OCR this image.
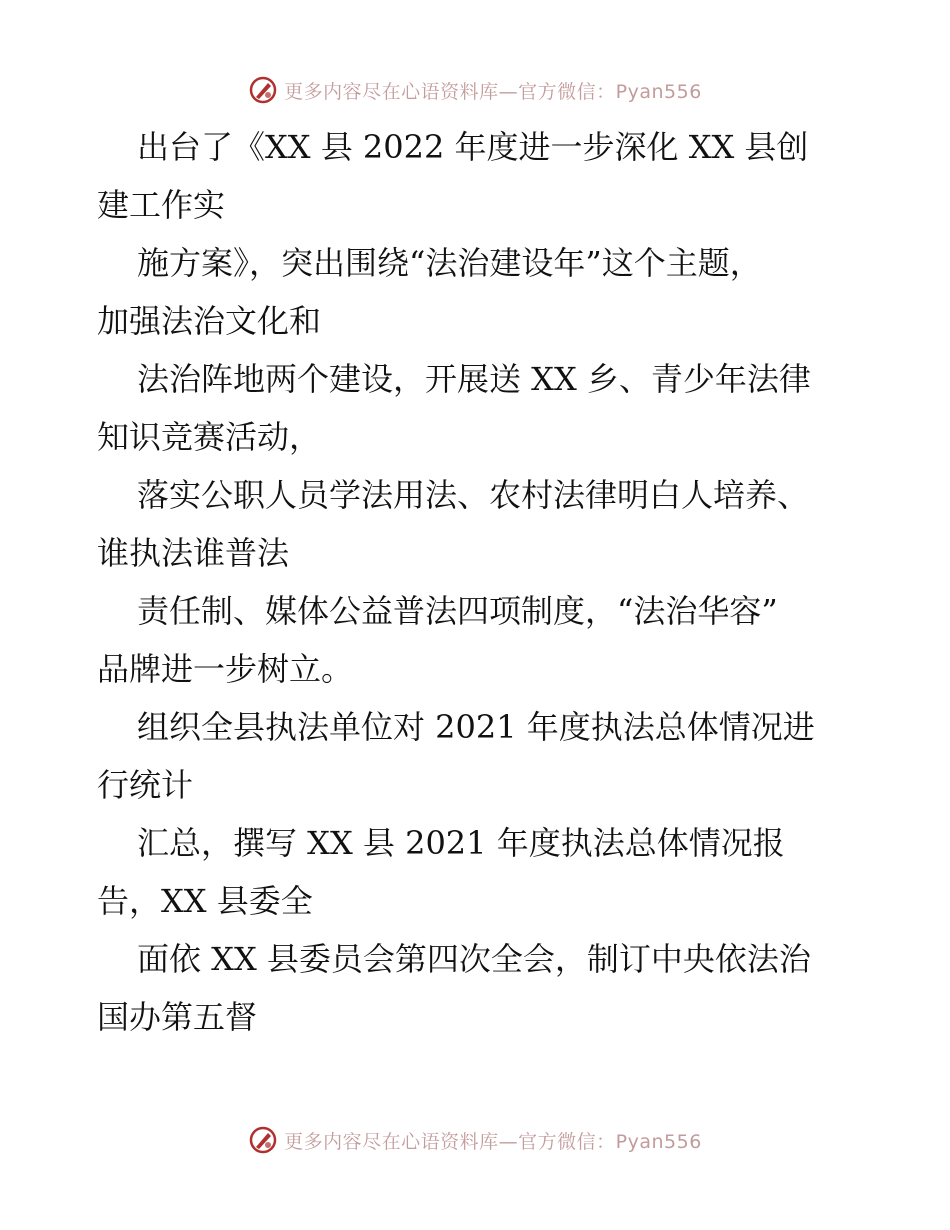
更多内容尽在心语资料库— 官方微信：Pyan556

出台了《XX 县 2022 年度进一步深化 XX 县创
建工作实

施方案》，突出围绕“法治建设年”这个主题，
加强法治文化和

法治阵地两个建设，开展送 XX 乡、青少年法律
知识竞赛活动，

落实公职人员学法用法、农村法律明白人培养、
谁执法谁普法

责任制、媒体公益普法四项制度，“法治华容”
品牌进一步树立。

组织全县执法单位对 2021 年度执法总体情况进
行统计

汇总，撰写 XX 县 2021 年度执法总体情况报
告，XX 县委全

面依 XX 县委员会第四次全会，制订中央依法治
国办第五督

更多内容尽在心语资料库— 官方微信：Pyan556
